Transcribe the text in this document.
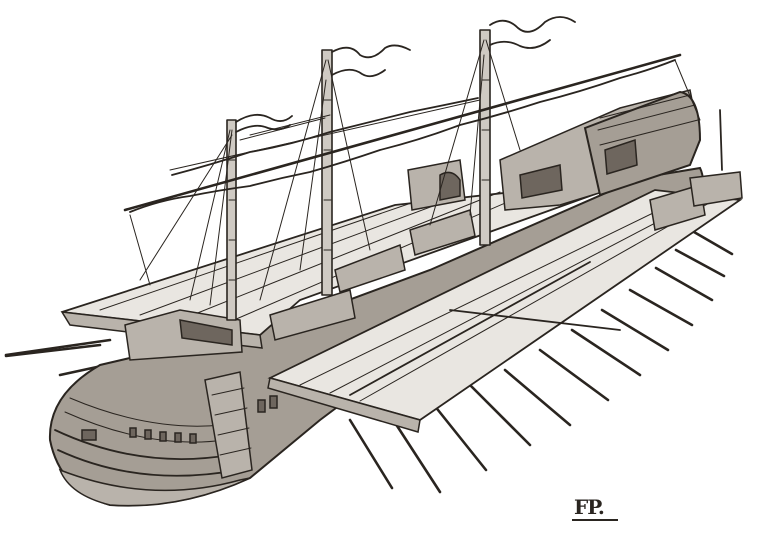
FP.
